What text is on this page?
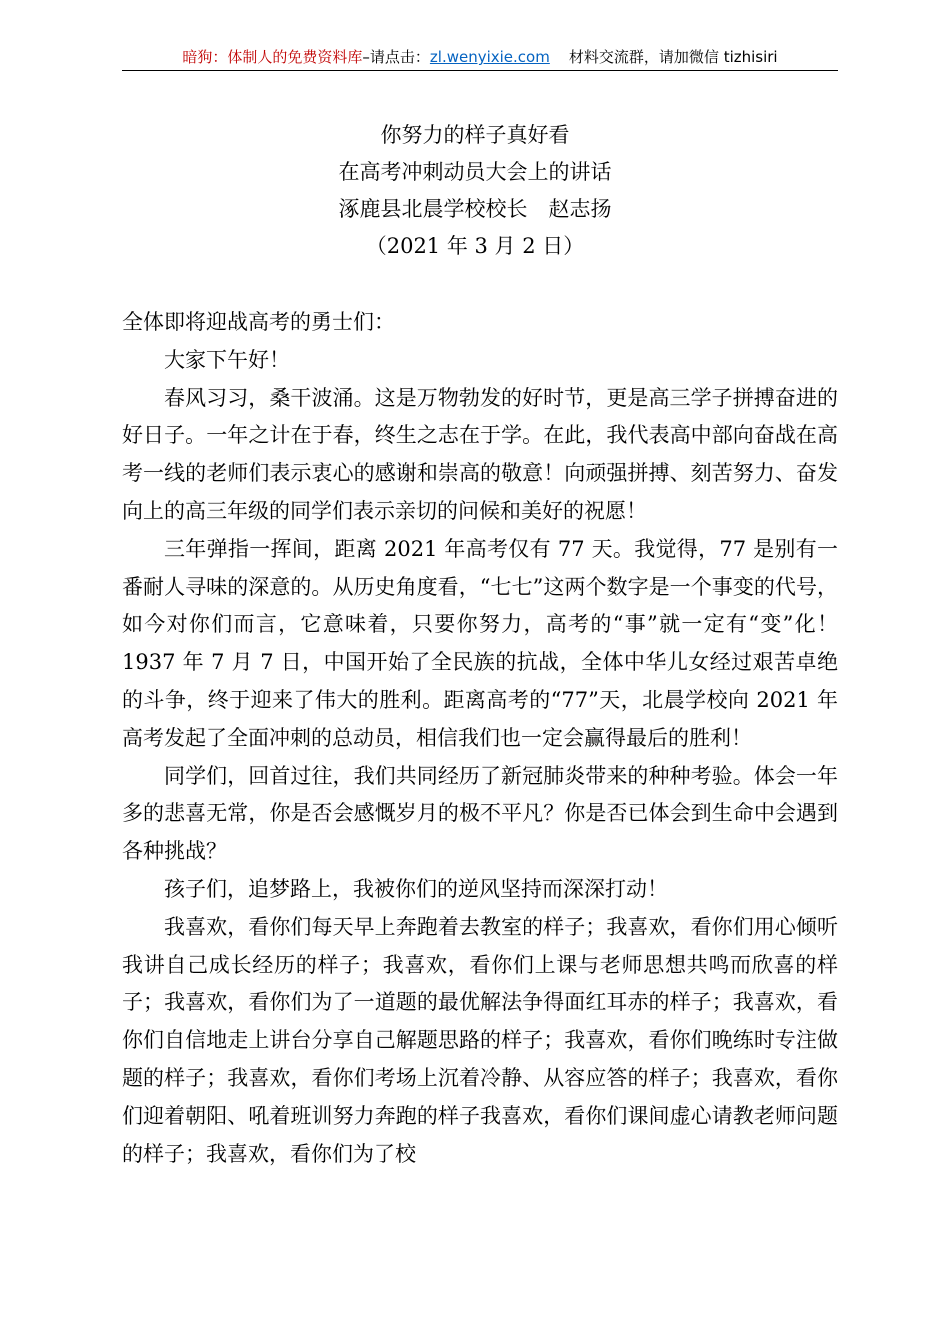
暗狗：体制人的免费资料库–请点击：zl.wenyixie.com 材料交流群，请加微信 tizhisiri
你努力的样子真好看
在高考冲刺动员大会上的讲话
涿鹿县北晨学校校长　赵志扬
（2021 年 3 月 2 日）

全体即将迎战高考的勇士们：

大家下午好！

春风习习，桑干波涌。这是万物勃发的好时节，更是高三学子拼搏奋进的好日子。一年之计在于春，终生之志在于学。在此，我代表高中部向奋战在高考一线的老师们表示衷心的感谢和崇高的敬意！向顽强拼搏、刻苦努力、奋发向上的高三年级的同学们表示亲切的问候和美好的祝愿！

三年弹指一挥间，距离 2021 年高考仅有 77 天。我觉得，77 是别有一番耐人寻味的深意的。从历史角度看，“七七”这两个数字是一个事变的代号，如今对你们而言，它意味着，只要你努力，高考的“事”就一定有“变”化！1937 年 7 月 7 日，中国开始了全民族的抗战，全体中华儿女经过艰苦卓绝的斗争，终于迎来了伟大的胜利。距离高考的“77”天，北晨学校向 2021 年高考发起了全面冲刺的总动员，相信我们也一定会赢得最后的胜利！

同学们，回首过往，我们共同经历了新冠肺炎带来的种种考验。体会一年多的悲喜无常，你是否会感慨岁月的极不平凡？你是否已体会到生命中会遇到各种挑战？

孩子们，追梦路上，我被你们的逆风坚持而深深打动！

我喜欢，看你们每天早上奔跑着去教室的样子；我喜欢，看你们用心倾听我讲自己成长经历的样子；我喜欢，看你们上课与老师思想共鸣而欣喜的样子；我喜欢，看你们为了一道题的最优解法争得面红耳赤的样子；我喜欢，看你们自信地走上讲台分享自己解题思路的样子；我喜欢，看你们晚练时专注做题的样子；我喜欢，看你们考场上沉着冷静、从容应答的样子；我喜欢，看你们迎着朝阳、吼着班训努力奔跑的样子我喜欢，看你们课间虚心请教老师问题的样子；我喜欢，看你们为了校
